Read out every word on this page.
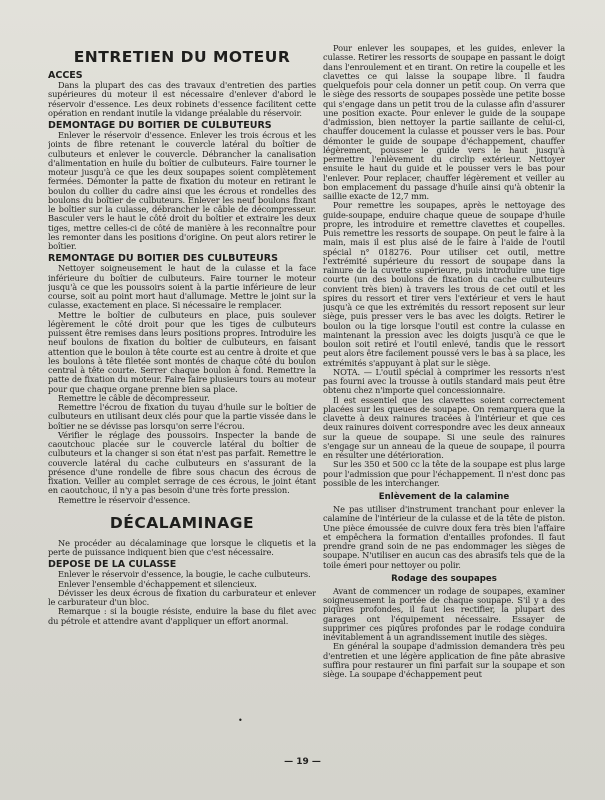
ENTRETIEN DU MOTEUR
ACCES

Dans la plupart des cas des travaux d'entretien des parties supérieures du moteur il est nécessaire d'enlever d'abord le réservoir d'essence. Les deux robinets d'essence facilitent cette opération en rendant inutile la vidange préalable du réservoir.

DEMONTAGE DU BOITIER DE CULBUTEURS

Enlever le réservoir d'essence. Enlever les trois écrous et les joints de fibre retenant le couvercle latéral du boîtier de culbuteurs et enlever le couvercle. Débrancher la canalisation d'alimentation en huile du boîtier de culbuteurs. Faire tourner le moteur jusqu'à ce que les deux soupapes soient complètement fermées. Démonter la patte de fixation du moteur en retirant le boulon du collier du cadre ainsi que les écrous et rondelles des boulons du boîtier de culbuteurs. Enlever les neuf boulons fixant le boîtier sur la culasse, débrancher le câble de décompresseur. Basculer vers le haut le côté droit du boîtier et extraire les deux tiges, mettre celles-ci de côté de manière à les reconnaître pour les remonter dans les positions d'origine. On peut alors retirer le boîtier.

REMONTAGE DU BOITIER DES CULBUTEURS

Nettoyer soigneusement le haut de la culasse et la face inférieure du boîtier de culbuteurs. Faire tourner le moteur jusqu'à ce que les poussoirs soient à la partie inférieure de leur course, soit au point mort haut d'allumage. Mettre le joint sur la culasse, exactement en place. Si nécessaire le remplacer.

Mettre le boîtier de culbuteurs en place, puis soulever légèrement le côté droit pour que les tiges de culbuteurs puissent être remises dans leurs positions propres. Introduire les neuf boulons de fixation du boîtier de culbuteurs, en faisant attention que le boulon à tête courte est au centre à droite et que les boulons à tête filetée sont montés de chaque côté du boulon central à tête courte. Serrer chaque boulon à fond. Remettre la patte de fixation du moteur. Faire faire plusieurs tours au moteur pour que chaque organe prenne bien sa place.

Remettre le câble de décompresseur.

Remettre l'écrou de fixation du tuyau d'huile sur le boîtier de culbuteurs en utilisant deux clés pour que la partie vissée dans le boîtier ne se dévisse pas lorsqu'on serre l'écrou.

Vérifier le réglage des poussoirs. Inspecter la bande de caoutchouc placée sur le couvercle latéral du boîtier de culbuteurs et la changer si son état n'est pas parfait. Remettre le couvercle latéral du cache culbuteurs en s'assurant de la présence d'une rondelle de fibre sous chacun des écrous de fixation. Veiller au complet serrage de ces écrous, le joint étant en caoutchouc, il n'y a pas besoin d'une très forte pression.

Remettre le réservoir d'essence.

DÉCALAMINAGE

Ne procéder au décalaminage que lorsque le cliquetis et la perte de puissance indiquent bien que c'est nécessaire.

DEPOSE DE LA CULASSE

Enlever le réservoir d'essence, la bougie, le cache culbuteurs.

Enlever l'ensemble d'échappement et silencieux.

Dévisser les deux écrous de fixation du carburateur et enlever le carburateur d'un bloc.

Remarque : si la bougie résiste, enduire la base du filet avec du pétrole et attendre avant d'appliquer un effort anormal.

Pour enlever les soupapes, et les guides, enlever la culasse. Retirer les ressorts de soupape en passant le doigt dans l'enroulement et en tirant. On retire la coupelle et les clavettes ce qui laisse la soupape libre. Il faudra quelquefois pour cela donner un petit coup. On verra que le siège des ressorts de soupapes possède une petite bosse qui s'engage dans un petit trou de la culasse afin d'assurer une position exacte. Pour enlever le guide de la soupape d'admission, bien nettoyer la partie saillante de celui-ci, chauffer doucement la culasse et pousser vers le bas. Pour démonter le guide de soupape d'échappement, chauffer légèrement, pousser le guide vers le haut jusqu'à permettre l'enlèvement du circlip extérieur. Nettoyer ensuite le haut du guide et le pousser vers le bas pour l'enlever. Pour replacer, chauffer légèrement et veiller au bon emplacement du passage d'huile ainsi qu'à obtenir la saillie exacte de 12,7 mm.

Pour remettre les soupapes, après le nettoyage des guide-soupape, enduire chaque queue de soupape d'huile propre, les introduire et remettre clavettes et coupelles. Puis remettre les ressorts de soupape. On peut le faire à la main, mais il est plus aisé de le faire à l'aide de l'outil spécial n° 018276. Pour utiliser cet outil, mettre l'extrémité supérieure du ressort de soupape dans la rainure de la cuvette supérieure, puis introduire une tige courte (un des boulons de fixation du cache culbuteurs convient très bien) à travers les trous de cet outil et les spires du ressort et tirer vers l'extérieur et vers le haut jusqu'à ce que les extrémités du ressort reposent sur leur siège, puis presser vers le bas avec les doigts. Retirer le boulon ou la tige lorsque l'outil est contre la culasse en maintenant la pression avec les doigts jusqu'à ce que le boulon soit retiré et l'outil enlevé, tandis que le ressort peut alors être facilement poussé vers le bas à sa place, les extrémités s'appuyant à plat sur le siège.

NOTA. — L'outil spécial à comprimer les ressorts n'est pas fourni avec la trousse à outils standard mais peut être obtenu chez n'importe quel concessionnaire.

Il est essentiel que les clavettes soient correctement placées sur les queues de soupape. On remarquera que la clavette à deux rainures tracées à l'intérieur et que ces deux rainures doivent correspondre avec les deux anneaux sur la queue de soupape. Si une seule des rainures s'engage sur un anneau de la queue de soupape, il pourra en résulter une détérioration.

Sur les 350 et 500 cc la tête de la soupape est plus large pour l'admission que pour l'échappement. Il n'est donc pas possible de les interchanger.

Enlèvement de la calamine

Ne pas utiliser d'instrument tranchant pour enlever la calamine de l'intérieur de la culasse et de la tête de piston. Une pièce émoussée de cuivre doux fera très bien l'affaire et empêchera la formation d'entailles profondes. Il faut prendre grand soin de ne pas endommager les sièges de soupape. N'utiliser en aucun cas des abrasifs tels que de la toile émeri pour nettoyer ou polir.

Rodage des soupapes

Avant de commencer un rodage de soupapes, examiner soigneusement la portée de chaque soupape. S'il y a des piqûres profondes, il faut les rectifier, la plupart des garages ont l'équipement nécessaire. Essayer de supprimer ces piqûres profondes par le rodage conduira inévitablement à un agrandissement inutile des sièges.

En général la soupape d'admission demandera très peu d'entretien et une légère application de fine pâte abrasive suffira pour restaurer un fini parfait sur la soupape et son siège. La soupape d'échappement peut

•
— 19 —
